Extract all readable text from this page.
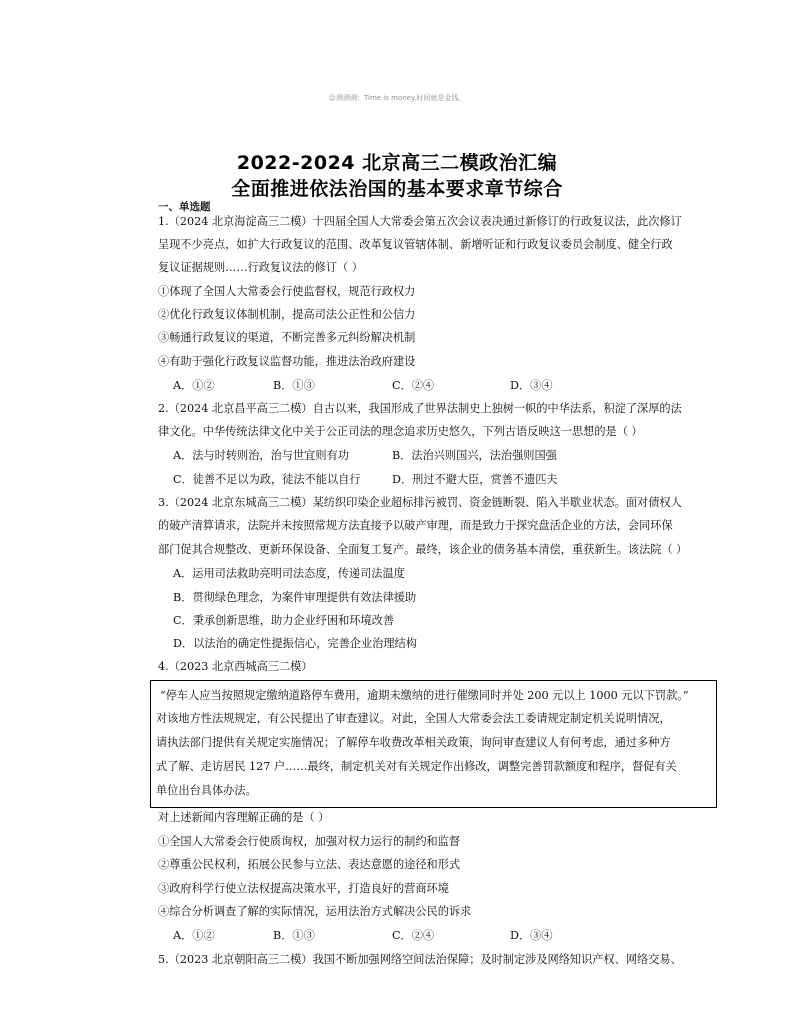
☺测测测：Time is money.时间就是金钱。
2022-2024 北京高三二模政治汇编
全面推进依法治国的基本要求章节综合
一、单选题
1.（2024 北京海淀高三二模）十四届全国人大常委会第五次会议表决通过新修订的行政复议法，此次修订
呈现不少亮点，如扩大行政复议的范围、改革复议管辖体制、新增听证和行政复议委员会制度、健全行政
复议证据规则……行政复议法的修订（ ）
①体现了全国人大常委会行使监督权，规范行政权力
②优化行政复议体制机制，提高司法公正性和公信力
③畅通行政复议的渠道，不断完善多元纠纷解决机制
④有助于强化行政复议监督功能，推进法治政府建设
A．①②	B．①③	C．②④	D．③④
2.（2024 北京昌平高三二模）自古以来，我国形成了世界法制史上独树一帜的中华法系，积淀了深厚的法
律文化。中华传统法律文化中关于公正司法的理念追求历史悠久，下列古语反映这一思想的是（ ）
A．法与时转则治，治与世宜则有功	B．法治兴则国兴，法治强则国强
C．徒善不足以为政，徒法不能以自行	D．刑过不避大臣，赏善不遗匹夫
3.（2024 北京东城高三二模）某纺织印染企业超标排污被罚、资金链断裂、陷入半歇业状态。面对债权人
的破产清算请求，法院并未按照常规方法直接予以破产审理，而是致力于探究盘活企业的方法，会同环保
部门促其合规整改、更新环保设备、全面复工复产。最终，该企业的债务基本清偿，重获新生。该法院（ ）
A．运用司法救助亮明司法态度，传递司法温度
B．贯彻绿色理念，为案件审理提供有效法律援助
C．秉承创新思维，助力企业纾困和环境改善
D．以法治的确定性提振信心，完善企业治理结构
4.（2023 北京西城高三二模）
“停车人应当按照规定缴纳道路停车费用，逾期未缴纳的进行催缴同时并处 200 元以上 1000 元以下罚款。”
对该地方性法规规定，有公民提出了审查建议。对此，全国人大常委会法工委请规定制定机关说明情况，
请执法部门提供有关规定实施情况；了解停车收费改革相关政策，询问审查建议人有何考虑，通过多种方
式了解、走访居民 127 户……最终，制定机关对有关规定作出修改，调整完善罚款额度和程序，督促有关
单位出台具体办法。
对上述新闻内容理解正确的是（ ）
①全国人大常委会行使质询权，加强对权力运行的制约和监督
②尊重公民权利，拓展公民参与立法、表达意愿的途径和形式
③政府科学行使立法权提高决策水平，打造良好的营商环境
④综合分析调查了解的实际情况，运用法治方式解决公民的诉求
A．①②	B．①③	C．②④	D．③④
5.（2023 北京朝阳高三二模）我国不断加强网络空间法治保障；及时制定涉及网络知识产权、网络交易、
